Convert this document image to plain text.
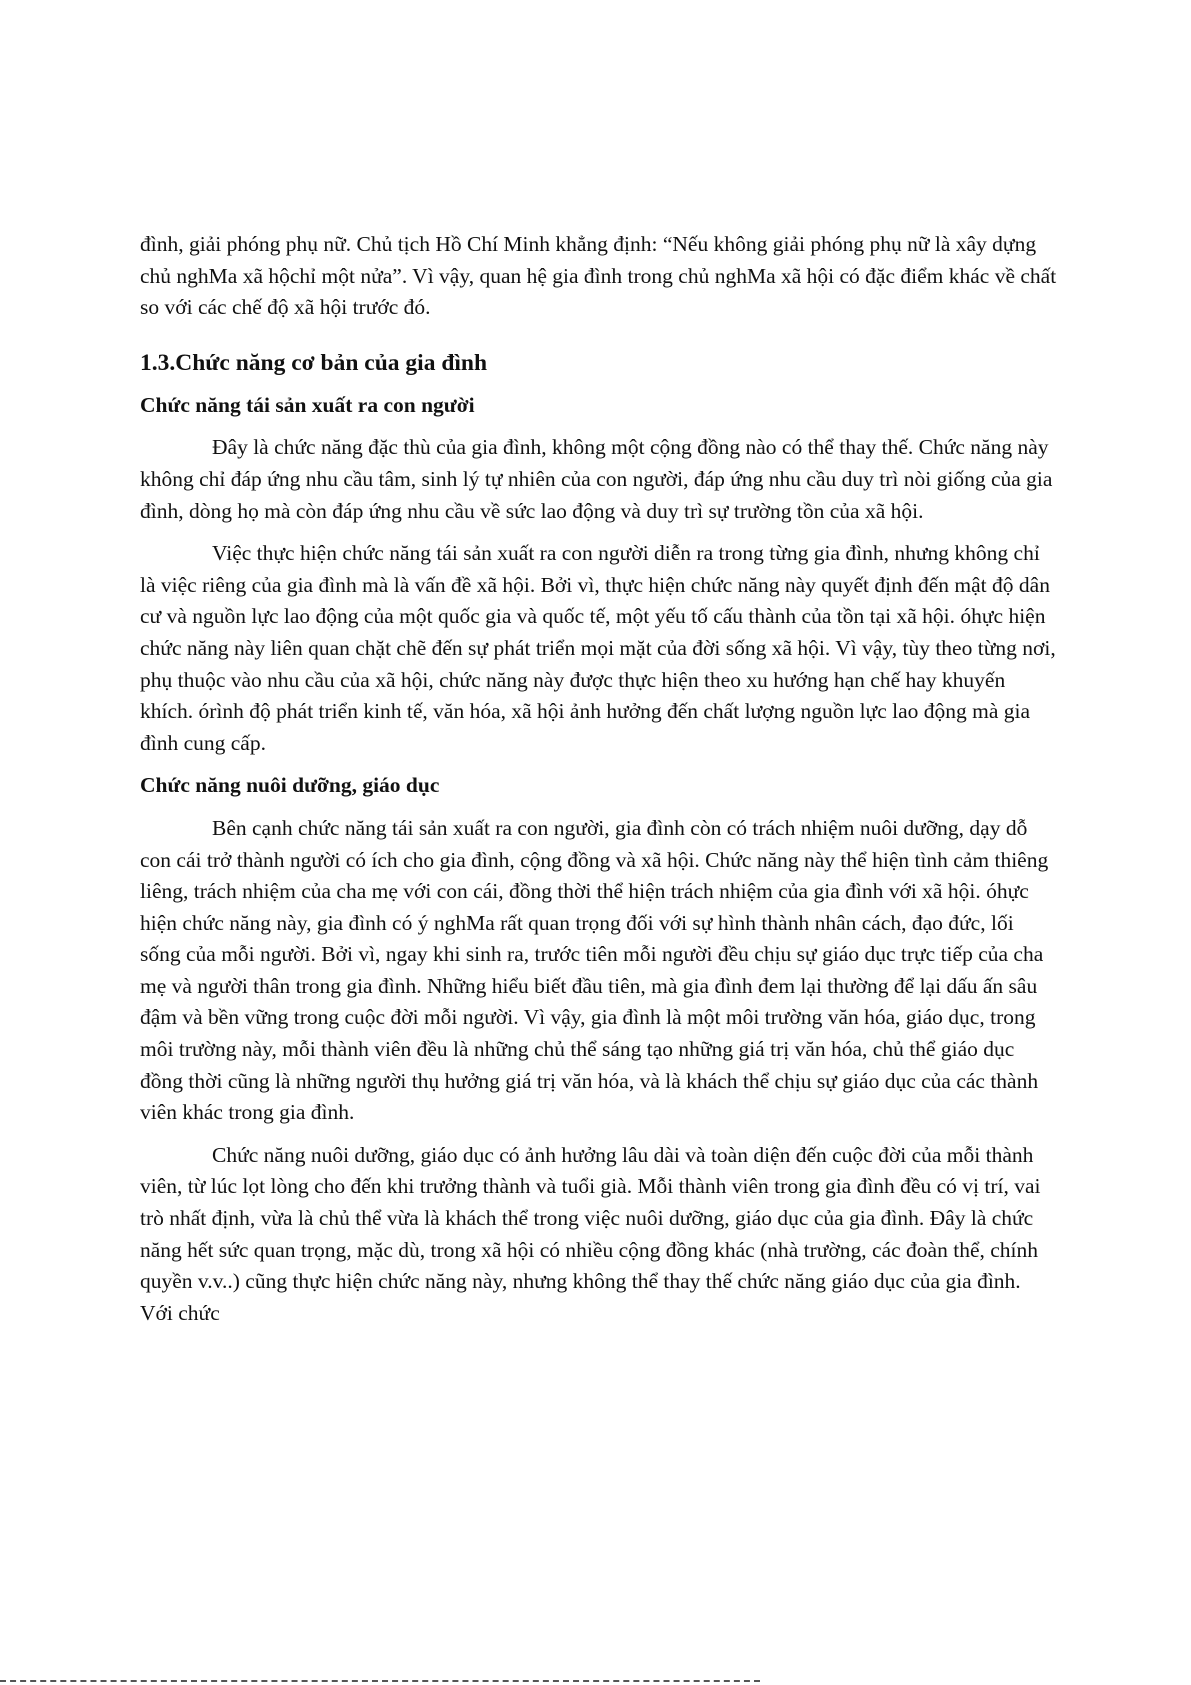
đình, giải phóng phụ nữ. Chủ tịch Hồ Chí Minh khẳng định: “Nếu không giải phóng phụ nữ là xây dựng chủ nghMa xã hộchỉ một nửa”. Vì vậy, quan hệ gia đình trong chủ nghMa xã hội có đặc điểm khác về chất so với các chế độ xã hội trước đó.

1.3.Chức năng cơ bản của gia đình

Chức năng tái sản xuất ra con người

Đây là chức năng đặc thù của gia đình, không một cộng đồng nào có thể thay thế. Chức năng này không chỉ đáp ứng nhu cầu tâm, sinh lý tự nhiên của con người, đáp ứng nhu cầu duy trì nòi giống của gia đình, dòng họ mà còn đáp ứng nhu cầu về sức lao động và duy trì sự trường tồn của xã hội.

Việc thực hiện chức năng tái sản xuất ra con người diễn ra trong từng gia đình, nhưng không chỉ là việc riêng của gia đình mà là vấn đề xã hội. Bởi vì, thực hiện chức năng này quyết định đến mật độ dân cư và nguồn lực lao động của một quốc gia và quốc tế, một yếu tố cấu thành của tồn tại xã hội. óhực hiện chức năng này liên quan chặt chẽ đến sự phát triển mọi mặt của đời sống xã hội. Vì vậy, tùy theo từng nơi, phụ thuộc vào nhu cầu của xã hội, chức năng này được thực hiện theo xu hướng hạn chế hay khuyến khích. órình độ phát triển kinh tế, văn hóa, xã hội ảnh hưởng đến chất lượng nguồn lực lao động mà gia đình cung cấp.

Chức năng nuôi dưỡng, giáo dục

Bên cạnh chức năng tái sản xuất ra con người, gia đình còn có trách nhiệm nuôi dưỡng, dạy dỗ con cái trở thành người có ích cho gia đình, cộng đồng và xã hội. Chức năng này thể hiện tình cảm thiêng liêng, trách nhiệm của cha mẹ với con cái, đồng thời thể hiện trách nhiệm của gia đình với xã hội. óhực hiện chức năng này, gia đình có ý nghMa rất quan trọng đối với sự hình thành nhân cách, đạo đức, lối sống của mỗi người. Bởi vì, ngay khi sinh ra, trước tiên mỗi người đều chịu sự giáo dục trực tiếp của cha mẹ và người thân trong gia đình. Những hiểu biết đầu tiên, mà gia đình đem lại thường để lại dấu ấn sâu đậm và bền vững trong cuộc đời mỗi người. Vì vậy, gia đình là một môi trường văn hóa, giáo dục, trong môi trường này, mỗi thành viên đều là những chủ thể sáng tạo những giá trị văn hóa, chủ thể giáo dục đồng thời cũng là những người thụ hưởng giá trị văn hóa, và là khách thể chịu sự giáo dục của các thành viên khác trong gia đình.

Chức năng nuôi dưỡng, giáo dục có ảnh hưởng lâu dài và toàn diện đến cuộc đời của mỗi thành viên, từ lúc lọt lòng cho đến khi trưởng thành và tuổi già. Mỗi thành viên trong gia đình đều có vị trí, vai trò nhất định, vừa là chủ thể vừa là khách thể trong việc nuôi dưỡng, giáo dục của gia đình. Đây là chức năng hết sức quan trọng, mặc dù, trong xã hội có nhiều cộng đồng khác (nhà trường, các đoàn thể, chính quyền v.v..) cũng thực hiện chức năng này, nhưng không thể thay thế chức năng giáo dục của gia đình. Với chức
